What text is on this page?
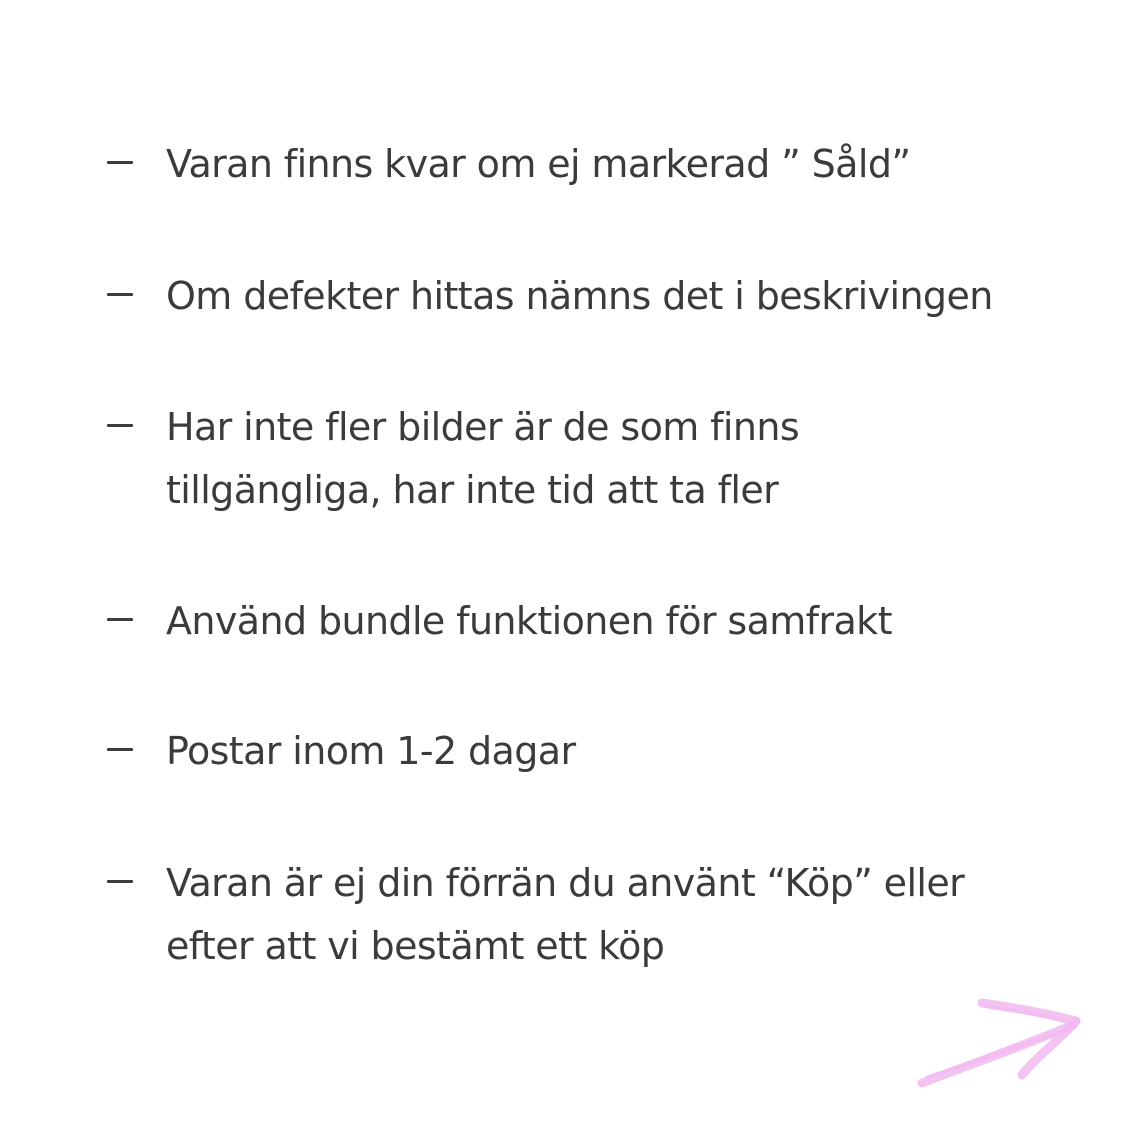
Varan finns kvar om ej markerad ” Såld”
Om defekter hittas nämns det i beskrivingen
Har inte fler bilder är de som finns
tillgängliga, har inte tid att ta fler
Använd bundle funktionen för samfrakt
Postar inom 1-2 dagar
Varan är ej din förrän du använt “Köp” eller
efter att vi bestämt ett köp
